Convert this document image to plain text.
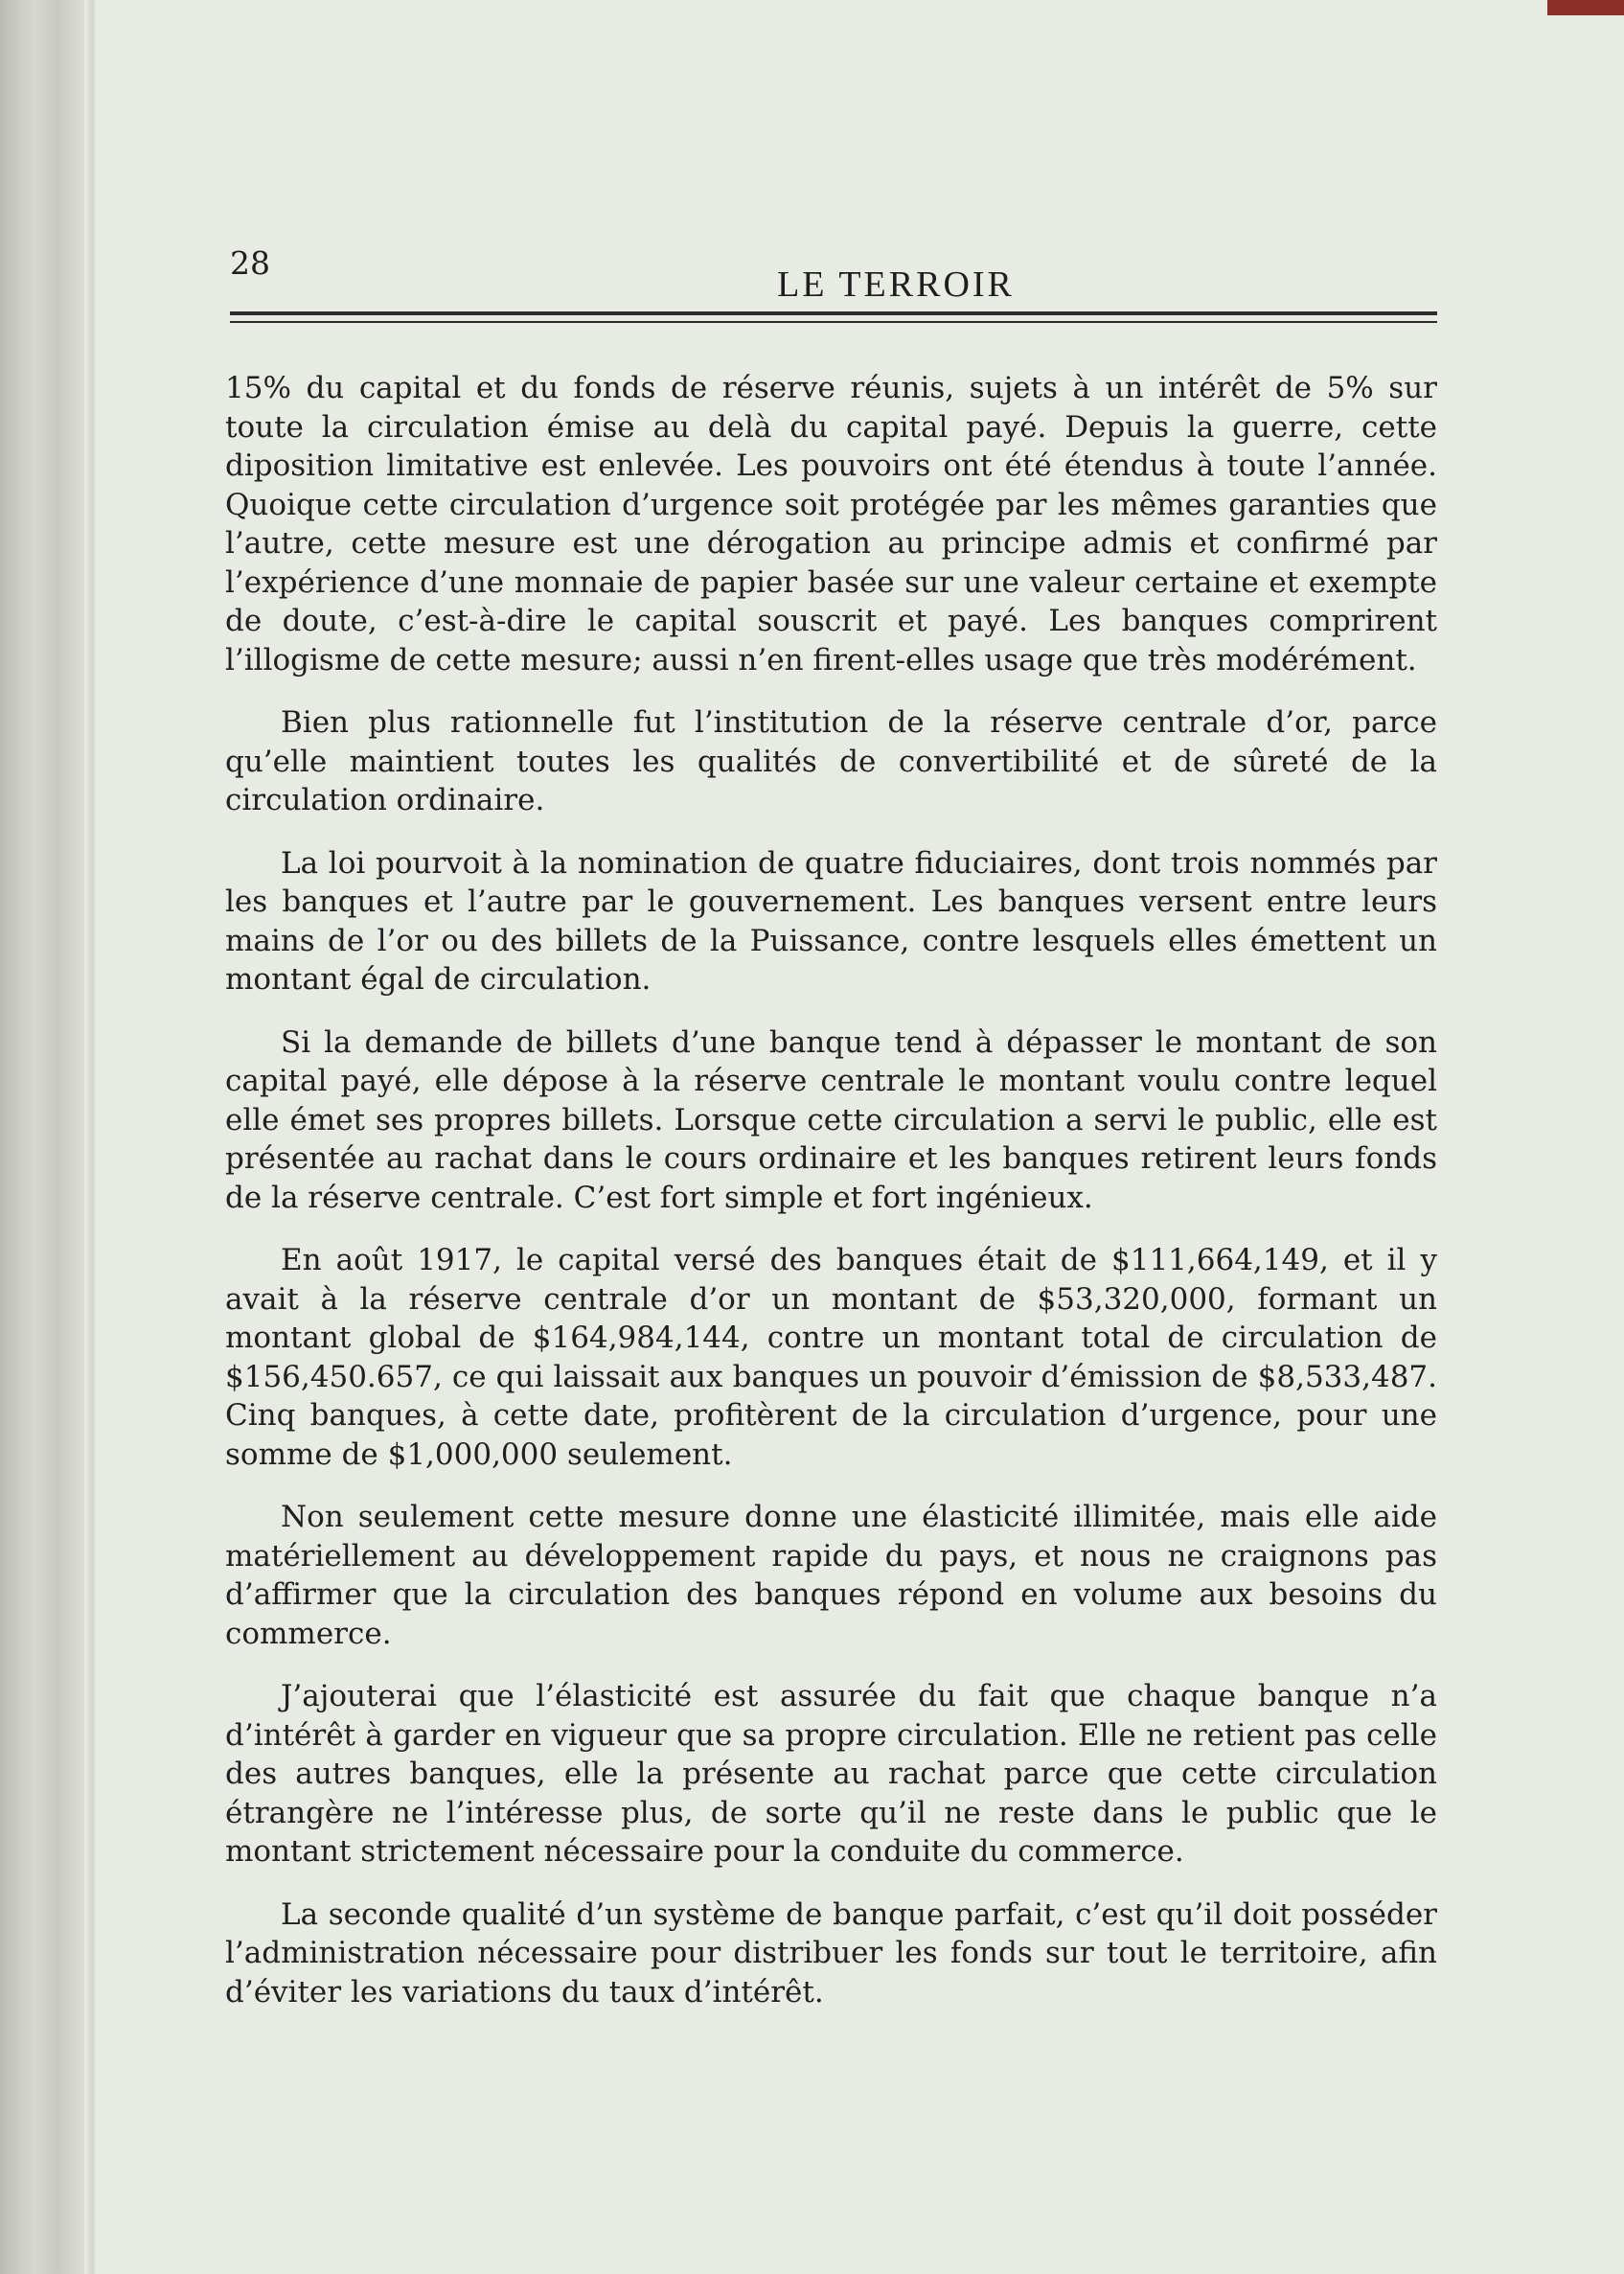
28
LE TERROIR

15% du capital et du fonds de réserve réunis, sujets à un intérêt de 5% sur toute la circulation émise au delà du capital payé. Depuis la guerre, cette diposition limitative est enlevée. Les pouvoirs ont été étendus à toute l’année. Quoique cette circulation d’urgence soit protégée par les mêmes garanties que l’autre, cette mesure est une dérogation au principe admis et confirmé par l’expérience d’une monnaie de papier basée sur une valeur certaine et exempte de doute, c’est-à-dire le capital souscrit et payé. Les banques comprirent l’illogisme de cette mesure; aussi n’en firent-elles usage que très modérément.

Bien plus rationnelle fut l’institution de la réserve centrale d’or, parce qu’elle maintient toutes les qualités de convertibilité et de sûreté de la circulation ordinaire.

La loi pourvoit à la nomination de quatre fiduciaires, dont trois nommés par les banques et l’autre par le gouvernement. Les banques versent entre leurs mains de l’or ou des billets de la Puissance, contre lesquels elles émettent un montant égal de circulation.

Si la demande de billets d’une banque tend à dépasser le montant de son capital payé, elle dépose à la réserve centrale le montant voulu contre lequel elle émet ses propres billets. Lorsque cette circulation a servi le public, elle est présentée au rachat dans le cours ordinaire et les banques retirent leurs fonds de la réserve centrale. C’est fort simple et fort ingénieux.

En août 1917, le capital versé des banques était de $111,664,149, et il y avait à la réserve centrale d’or un montant de $53,320,000, formant un montant global de $164,984,144, contre un montant total de circulation de $156,450.657, ce qui laissait aux banques un pouvoir d’émission de $8,533,487. Cinq banques, à cette date, profitèrent de la circulation d’urgence, pour une somme de $1,000,000 seulement.

Non seulement cette mesure donne une élasticité illimitée, mais elle aide matériellement au développement rapide du pays, et nous ne craignons pas d’affirmer que la circulation des banques répond en volume aux besoins du commerce.

J’ajouterai que l’élasticité est assurée du fait que chaque banque n’a d’intérêt à garder en vigueur que sa propre circulation. Elle ne retient pas celle des autres banques, elle la présente au rachat parce que cette circulation étrangère ne l’intéresse plus, de sorte qu’il ne reste dans le public que le montant strictement nécessaire pour la conduite du commerce.

La seconde qualité d’un système de banque parfait, c’est qu’il doit posséder l’administration nécessaire pour distribuer les fonds sur tout le territoire, afin d’éviter les variations du taux d’intérêt.
